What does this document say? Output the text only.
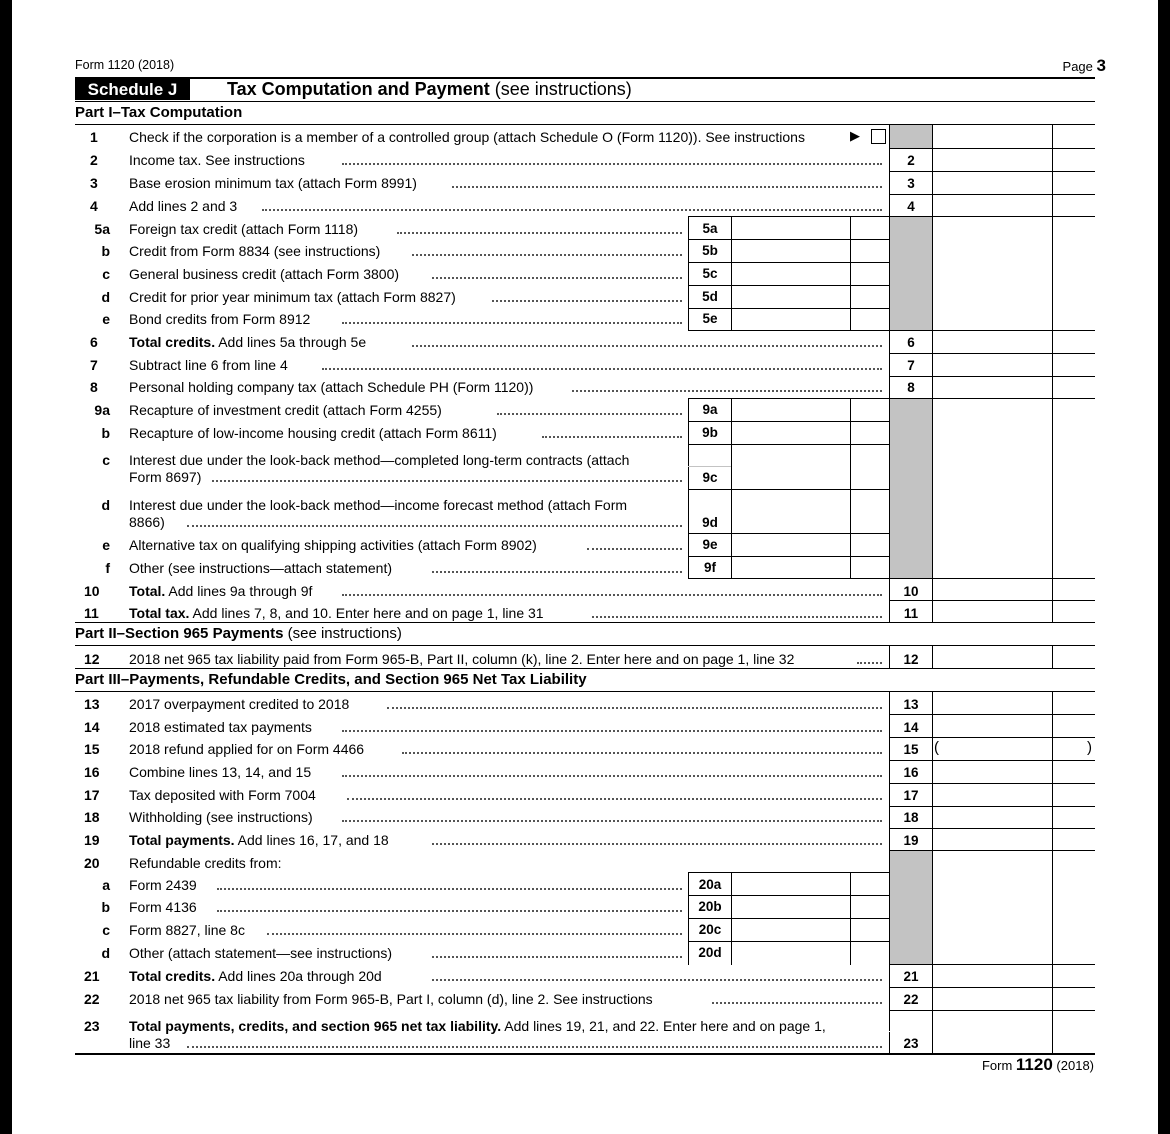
Form 1120 (2018)	Page 3
Schedule J	Tax Computation and Payment (see instructions)
Part I–Tax Computation
Part II–Section 965 Payments (see instructions)
Part III–Payments, Refundable Credits, and Section 965 Net Tax Liability
1 Check if the corporation is a member of a controlled group (attach Schedule O (Form 1120)). See instructions	▶
2 Income tax. See instructions	2
3 Base erosion minimum tax (attach Form 8991)	3
4 Add lines 2 and 3	4
5a Foreign tax credit (attach Form 1118)	5a
b Credit from Form 8834 (see instructions)	5b
c General business credit (attach Form 3800)	5c
d Credit for prior year minimum tax (attach Form 8827)	5d
e Bond credits from Form 8912	5e
6 Total credits. Add lines 5a through 5e	6
7 Subtract line 6 from line 4	7
8 Personal holding company tax (attach Schedule PH (Form 1120))	8
9a Recapture of investment credit (attach Form 4255)	9a
b Recapture of low-income housing credit (attach Form 8611)	9b
c Interest due under the look-back method—completed long-term contracts (attach
Form 8697)	9c
d Interest due under the look-back method—income forecast method (attach Form
8866)	9d
e Alternative tax on qualifying shipping activities (attach Form 8902)	9e
f Other (see instructions—attach statement)	9f
10 Total. Add lines 9a through 9f	10
11 Total tax. Add lines 7, 8, and 10. Enter here and on page 1, line 31	11
12 2018 net 965 tax liability paid from Form 965-B, Part II, column (k), line 2. Enter here and on page 1, line 32	12
13 2017 overpayment credited to 2018	13
14 2018 estimated tax payments	14
15 2018 refund applied for on Form 4466	15	(	)
16 Combine lines 13, 14, and 15	16
17 Tax deposited with Form 7004	17
18 Withholding (see instructions)	18
19 Total payments. Add lines 16, 17, and 18	19
20 Refundable credits from:
a Form 2439	20a
b Form 4136	20b
c Form 8827, line 8c	20c
d Other (attach statement—see instructions)	20d
21 Total credits. Add lines 20a through 20d	21
22 2018 net 965 tax liability from Form 965-B, Part I, column (d), line 2. See instructions	22
23 Total payments, credits, and section 965 net tax liability. Add lines 19, 21, and 22. Enter here and on page 1,
line 33	23
Form 1120 (2018)
